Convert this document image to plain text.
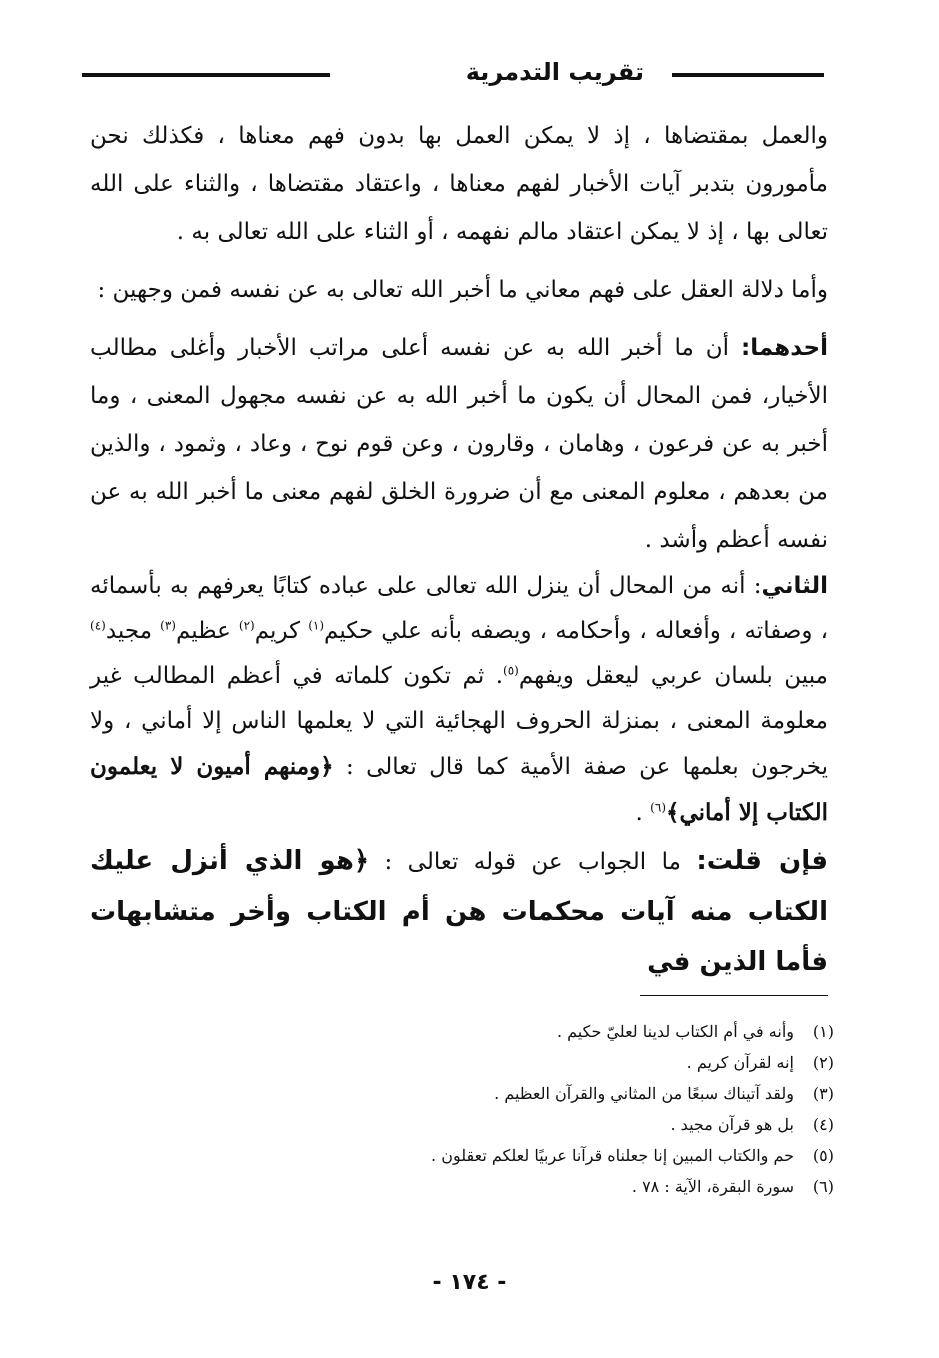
تقريب التدمرية

والعمل بمقتضاها ، إذ لا يمكن العمل بها بدون فهم معناها ، فكذلك نحن مأمورون بتدبر آيات الأخبار لفهم معناها ، واعتقاد مقتضاها ، والثناء على الله تعالى بها ، إذ لا يمكن اعتقاد مالم نفهمه ، أو الثناء على الله تعالى به .

وأما دلالة العقل على فهم معاني ما أخبر الله تعالى به عن نفسه فمن وجهين :

أحدهما: أن ما أخبر الله به عن نفسه أعلى مراتب الأخبار وأغلى مطالب الأخيار، فمن المحال أن يكون ما أخبر الله به عن نفسه مجهول المعنى ، وما أخبر به عن فرعون ، وهامان ، وقارون ، وعن قوم نوح ، وعاد ، وثمود ، والذين من بعدهم ، معلوم المعنى مع أن ضرورة الخلق لفهم معنى ما أخبر الله به عن نفسه أعظم وأشد .

الثاني: أنه من المحال أن ينزل الله تعالى على عباده كتابًا يعرفهم به بأسمائه ، وصفاته ، وأفعاله ، وأحكامه ، ويصفه بأنه علي حكيم$^{(١)}$ كريم$^{(٢)}$ عظيم$^{(٣)}$ مجيد$^{(٤)}$ مبين بلسان عربي ليعقل ويفهم$^{(٥)}$. ثم تكون كلماته في أعظم المطالب غير معلومة المعنى ، بمنزلة الحروف الهجائية التي لا يعلمها الناس إلا أماني ، ولا يخرجون بعلمها عن صفة الأمية كما قال تعالى : ﴿ومنهم أميون لا يعلمون الكتاب إلا أماني﴾$^{(٦)}$ .

فإن قلت: ما الجواب عن قوله تعالى : ﴿هو الذي أنزل عليك الكتاب منه آيات محكمات هن أم الكتاب وأخر متشابهات فأما الذين في

(١)
وأنه في أم الكتاب لدينا لعليّ حكيم .
(٢)
إنه لقرآن كريم .
(٣)
ولقد آتيناك سبعًا من المثاني والقرآن العظيم .
(٤)
بل هو قرآن مجيد .
(٥)
حم والكتاب المبين إنا جعلناه قرآنا عربيًا لعلكم تعقلون .
(٦)
سورة البقرة، الآية : ٧٨ .
- ١٧٤ -
